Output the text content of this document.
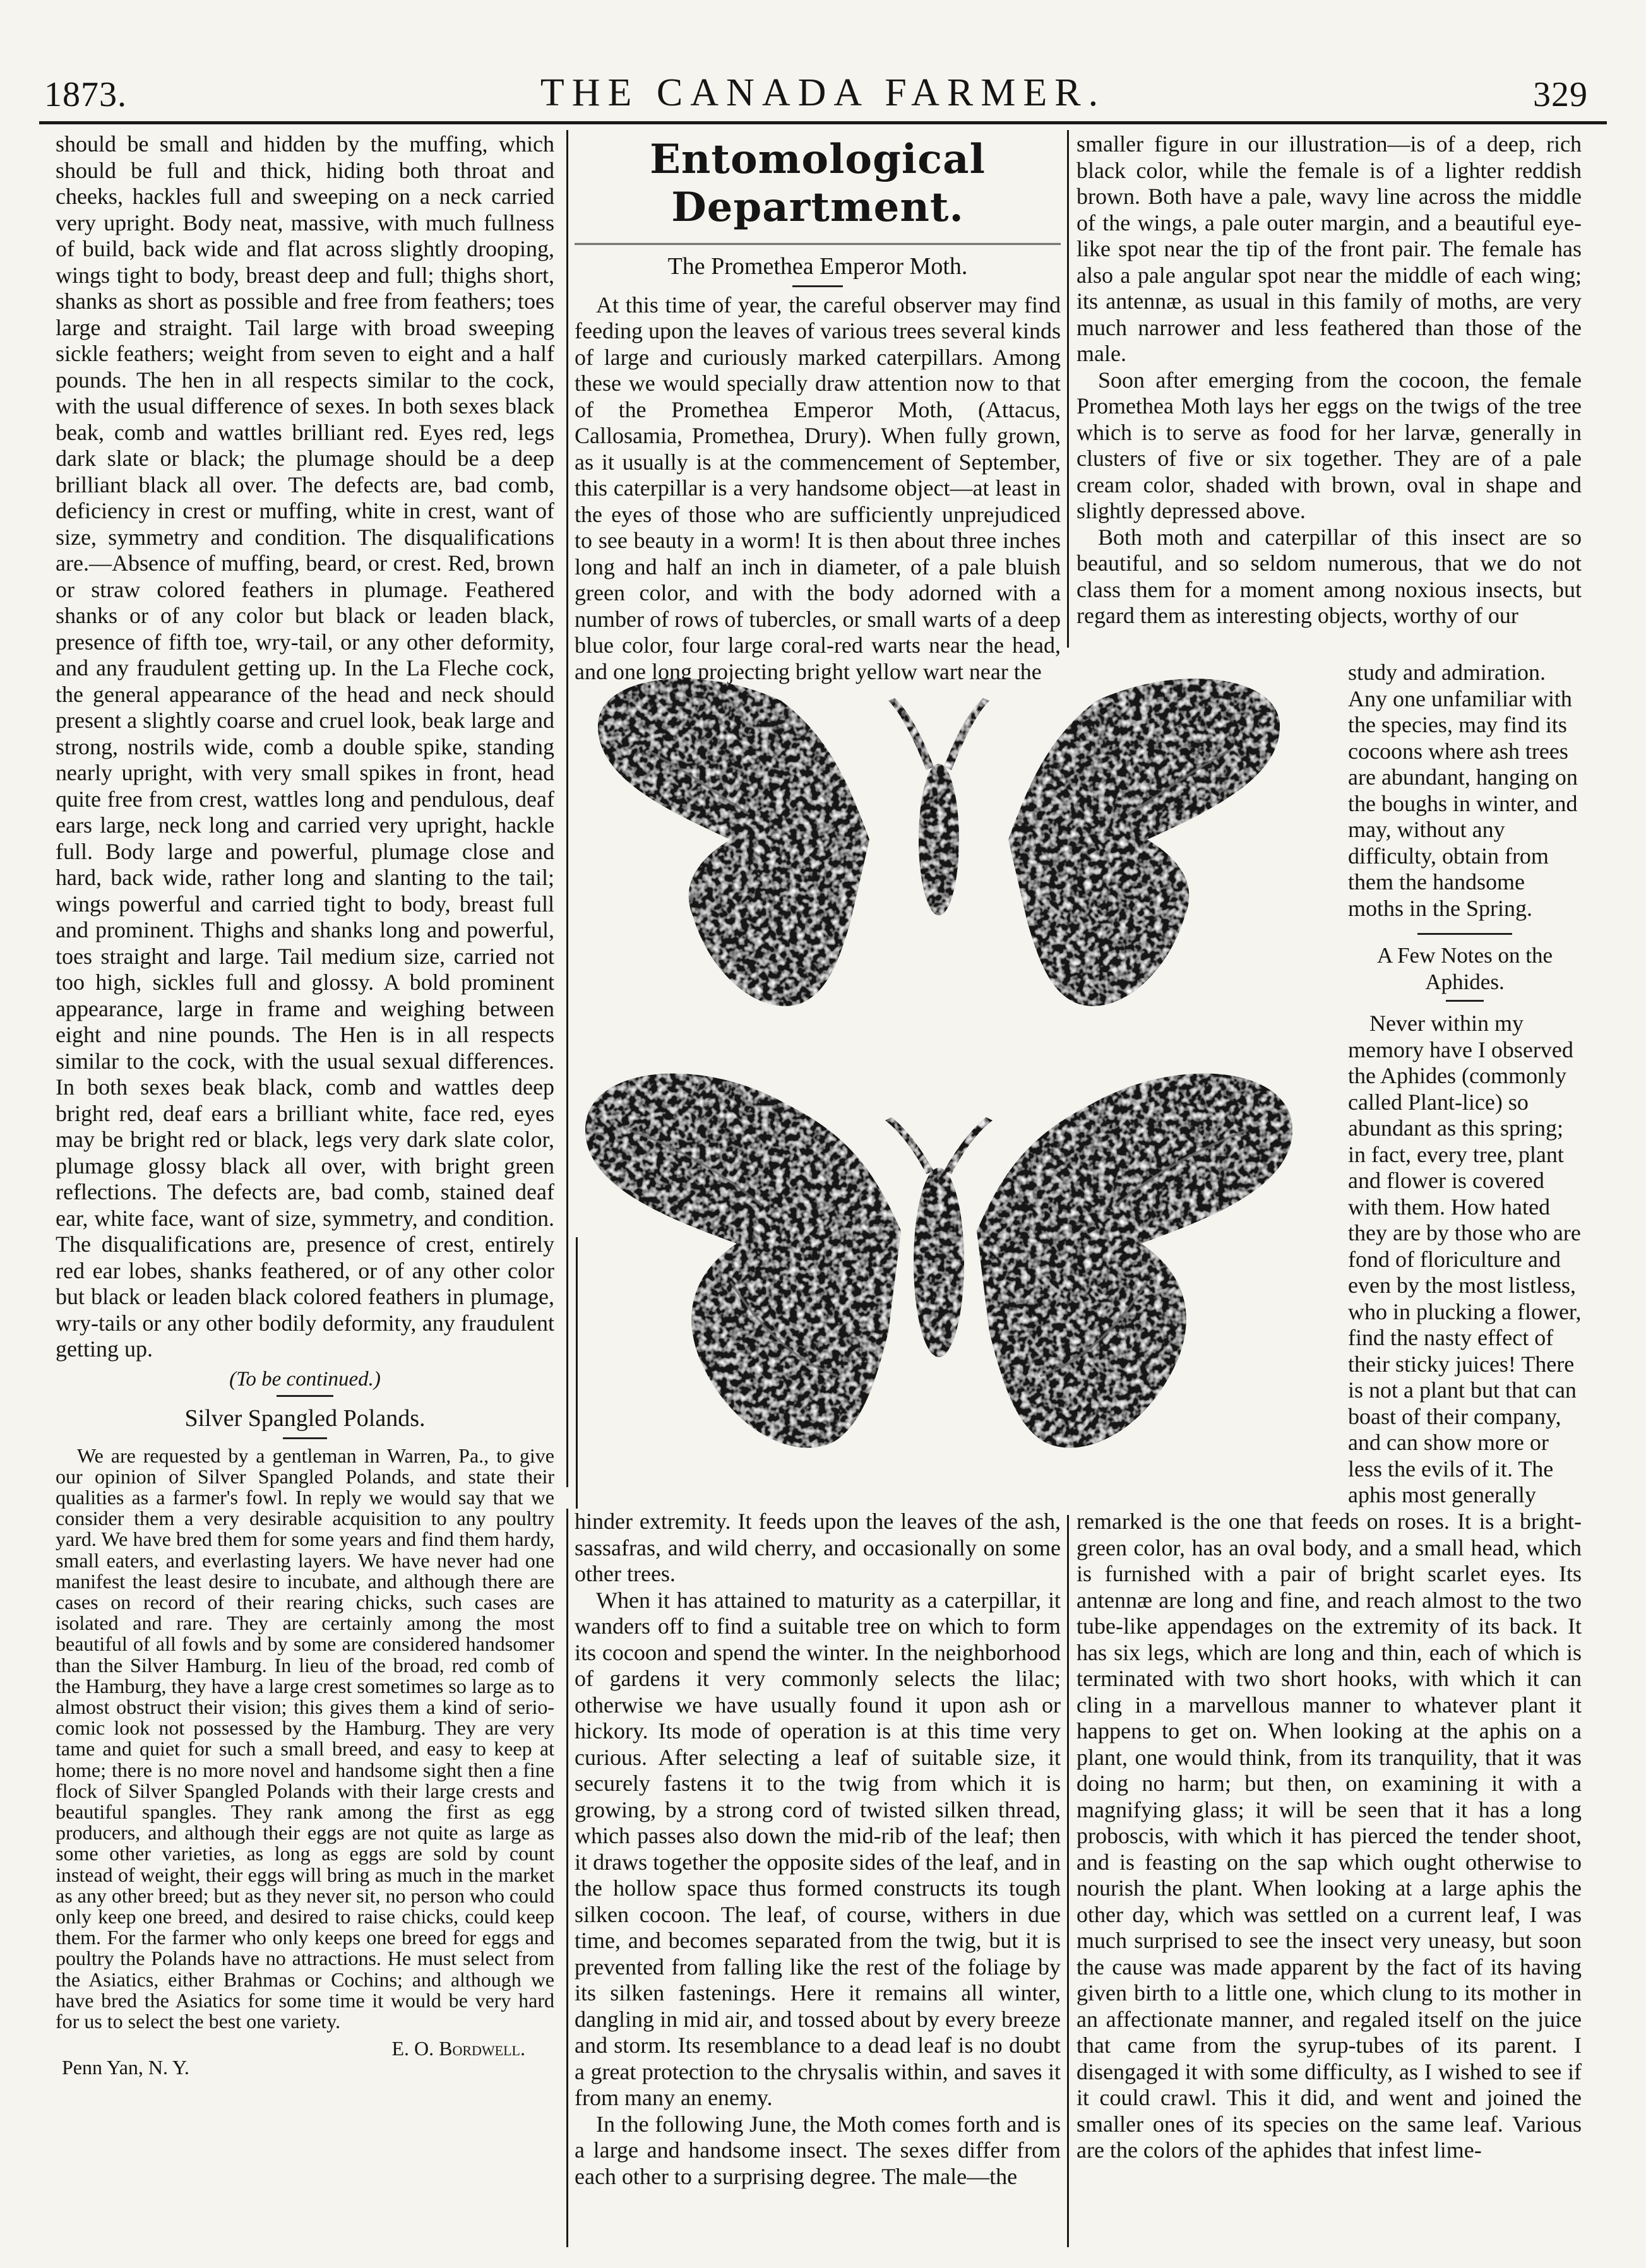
1873.	THE CANADA FARMER.	329

should be small and hidden by the muffing, which should be full and thick, hiding both throat and cheeks, hackles full and sweeping on a neck carried very upright. Body neat, massive, with much fullness of build, back wide and flat across slightly drooping, wings tight to body, breast deep and full; thighs short, shanks as short as possible and free from feathers; toes large and straight. Tail large with broad sweeping sickle feathers; weight from seven to eight and a half pounds. The hen in all respects similar to the cock, with the usual difference of sexes. In both sexes black beak, comb and wattles brilliant red. Eyes red, legs dark slate or black; the plumage should be a deep brilliant black all over. The defects are, bad comb, deficiency in crest or muffing, white in crest, want of size, symmetry and condition. The disqualifications are.—Absence of muffing, beard, or crest. Red, brown or straw colored feathers in plumage. Feathered shanks or of any color but black or leaden black, presence of fifth toe, wry-tail, or any other deformity, and any fraudulent getting up. In the La Fleche cock, the general appearance of the head and neck should present a slightly coarse and cruel look, beak large and strong, nostrils wide, comb a double spike, standing nearly upright, with very small spikes in front, head quite free from crest, wattles long and pendulous, deaf ears large, neck long and carried very upright, hackle full. Body large and powerful, plumage close and hard, back wide, rather long and slanting to the tail; wings powerful and carried tight to body, breast full and prominent. Thighs and shanks long and powerful, toes straight and large. Tail medium size, carried not too high, sickles full and glossy. A bold prominent appearance, large in frame and weighing between eight and nine pounds. The Hen is in all respects similar to the cock, with the usual sexual differences. In both sexes beak black, comb and wattles deep bright red, deaf ears a brilliant white, face red, eyes may be bright red or black, legs very dark slate color, plumage glossy black all over, with bright green reflections. The defects are, bad comb, stained deaf ear, white face, want of size, symmetry, and condition. The disqualifications are, presence of crest, entirely red ear lobes, shanks feathered, or of any other color but black or leaden black colored feathers in plumage, wry-tails or any other bodily deformity, any fraudulent getting up.

(To be continued.)
Silver Spangled Polands.

We are requested by a gentleman in Warren, Pa., to give our opinion of Silver Spangled Polands, and state their qualities as a farmer's fowl. In reply we would say that we consider them a very desirable acquisition to any poultry yard. We have bred them for some years and find them hardy, small eaters, and everlasting layers. We have never had one manifest the least desire to incubate, and although there are cases on record of their rearing chicks, such cases are isolated and rare. They are certainly among the most beautiful of all fowls and by some are considered handsomer than the Silver Hamburg. In lieu of the broad, red comb of the Hamburg, they have a large crest sometimes so large as to almost obstruct their vision; this gives them a kind of serio-comic look not possessed by the Hamburg. They are very tame and quiet for such a small breed, and easy to keep at home; there is no more novel and handsome sight then a fine flock of Silver Spangled Polands with their large crests and beautiful spangles. They rank among the first as egg producers, and although their eggs are not quite as large as some other varieties, as long as eggs are sold by count instead of weight, their eggs will bring as much in the market as any other breed; but as they never sit, no person who could only keep one breed, and desired to raise chicks, could keep them. For the farmer who only keeps one breed for eggs and poultry the Polands have no attractions. He must select from the Asiatics, either Brahmas or Cochins; and although we have bred the Asiatics for some time it would be very hard for us to select the best one variety.

Penn Yan, N. Y.
E. O. Bordwell.
Entomological Department.
The Promethea Emperor Moth.

At this time of year, the careful observer may find feeding upon the leaves of various trees several kinds of large and curiously marked caterpillars. Among these we would specially draw attention now to that of the Promethea Emperor Moth, (Attacus, Callosamia, Promethea, Drury). When fully grown, as it usually is at the commencement of September, this caterpillar is a very handsome object—at least in the eyes of those who are sufficiently unprejudiced to see beauty in a worm! It is then about three inches long and half an inch in diameter, of a pale bluish green color, and with the body adorned with a number of rows of tubercles, or small warts of a deep blue color, four large coral-red warts near the head, and one long projecting bright yellow wart near the

hinder extremity. It feeds upon the leaves of the ash, sassafras, and wild cherry, and occasionally on some other trees.

When it has attained to maturity as a caterpillar, it wanders off to find a suitable tree on which to form its cocoon and spend the winter. In the neighborhood of gardens it very commonly selects the lilac; otherwise we have usually found it upon ash or hickory. Its mode of operation is at this time very curious. After selecting a leaf of suitable size, it securely fastens it to the twig from which it is growing, by a strong cord of twisted silken thread, which passes also down the mid-rib of the leaf; then it draws together the opposite sides of the leaf, and in the hollow space thus formed constructs its tough silken cocoon. The leaf, of course, withers in due time, and becomes separated from the twig, but it is prevented from falling like the rest of the foliage by its silken fastenings. Here it remains all winter, dangling in mid air, and tossed about by every breeze and storm. Its resemblance to a dead leaf is no doubt a great protection to the chrysalis within, and saves it from many an enemy.

In the following June, the Moth comes forth and is a large and handsome insect. The sexes differ from each other to a surprising degree. The male—the

smaller figure in our illustration—is of a deep, rich black color, while the female is of a lighter reddish brown. Both have a pale, wavy line across the middle of the wings, a pale outer margin, and a beautiful eye-like spot near the tip of the front pair. The female has also a pale angular spot near the middle of each wing; its antennæ, as usual in this family of moths, are very much narrower and less feathered than those of the male.

Soon after emerging from the cocoon, the female Promethea Moth lays her eggs on the twigs of the tree which is to serve as food for her larvæ, generally in clusters of five or six together. They are of a pale cream color, shaded with brown, oval in shape and slightly depressed above.

Both moth and caterpillar of this insect are so beautiful, and so seldom numerous, that we do not class them for a moment among noxious insects, but regard them as interesting objects, worthy of our

study and admiration. Any one unfamiliar with the species, may find its cocoons where ash trees are abundant, hanging on the boughs in winter, and may, without any difficulty, obtain from them the handsome moths in the Spring.

A Few Notes on the
Aphides.

Never within my memory have I observed the Aphides (commonly called Plant-lice) so abundant as this spring; in fact, every tree, plant and flower is covered with them. How hated they are by those who are fond of floriculture and even by the most listless, who in plucking a flower, find the nasty effect of their sticky juices! There is not a plant but that can boast of their company, and can show more or less the evils of it. The aphis most generally

remarked is the one that feeds on roses. It is a bright-green color, has an oval body, and a small head, which is furnished with a pair of bright scarlet eyes. Its antennæ are long and fine, and reach almost to the two tube-like appendages on the extremity of its back. It has six legs, which are long and thin, each of which is terminated with two short hooks, with which it can cling in a marvellous manner to whatever plant it happens to get on. When looking at the aphis on a plant, one would think, from its tranquility, that it was doing no harm; but then, on examining it with a magnifying glass; it will be seen that it has a long proboscis, with which it has pierced the tender shoot, and is feasting on the sap which ought otherwise to nourish the plant. When looking at a large aphis the other day, which was settled on a current leaf, I was much surprised to see the insect very uneasy, but soon the cause was made apparent by the fact of its having given birth to a little one, which clung to its mother in an affectionate manner, and regaled itself on the juice that came from the syrup-tubes of its parent. I disengaged it with some difficulty, as I wished to see if it could crawl. This it did, and went and joined the smaller ones of its species on the same leaf. Various are the colors of the aphides that infest lime-
